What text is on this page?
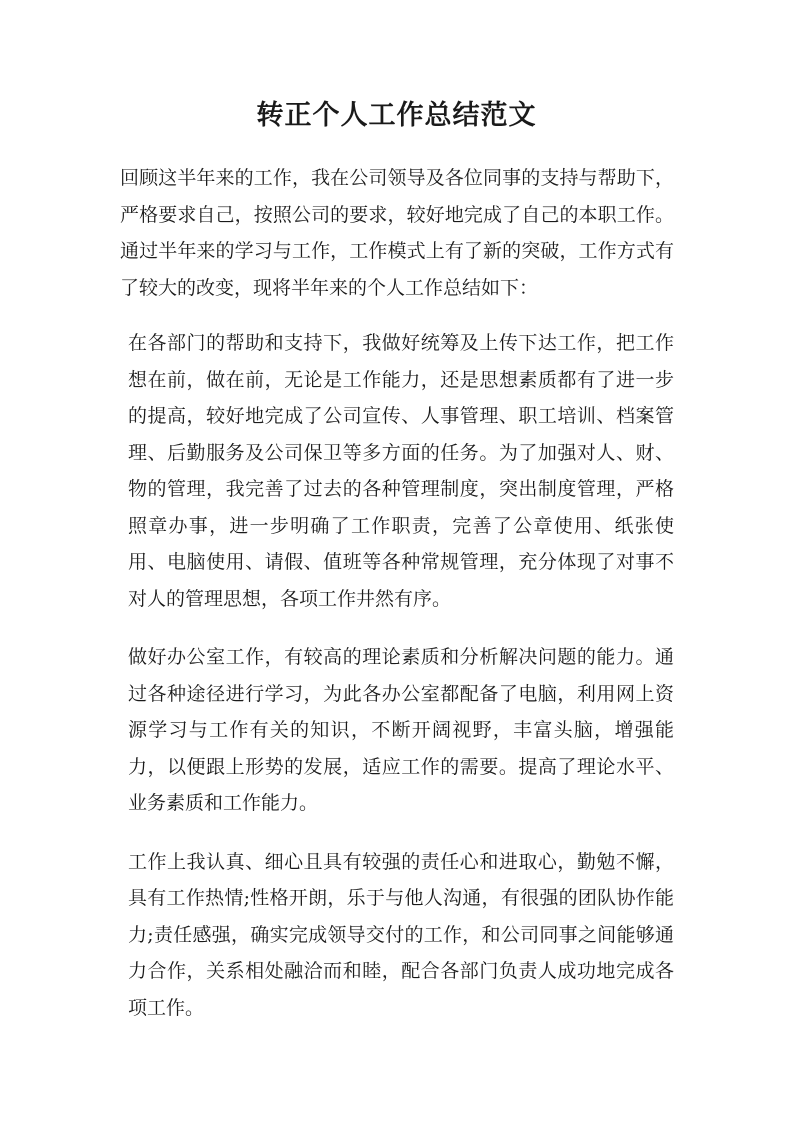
转正个人工作总结范文

回顾这半年来的工作，我在公司领导及各位同事的支持与帮助下，严格要求自己，按照公司的要求，较好地完成了自己的本职工作。通过半年来的学习与工作，工作模式上有了新的突破，工作方式有了较大的改变，现将半年来的个人工作总结如下：

在各部门的帮助和支持下，我做好统筹及上传下达工作，把工作想在前，做在前，无论是工作能力，还是思想素质都有了进一步的提高，较好地完成了公司宣传、人事管理、职工培训、档案管理、后勤服务及公司保卫等多方面的任务。为了加强对人、财、物的管理，我完善了过去的各种管理制度，突出制度管理，严格照章办事，进一步明确了工作职责，完善了公章使用、纸张使用、电脑使用、请假、值班等各种常规管理，充分体现了对事不对人的管理思想，各项工作井然有序。

做好办公室工作，有较高的理论素质和分析解决问题的能力。通过各种途径进行学习，为此各办公室都配备了电脑，利用网上资源学习与工作有关的知识，不断开阔视野，丰富头脑，增强能力，以便跟上形势的发展，适应工作的需要。提高了理论水平、业务素质和工作能力。

工作上我认真、细心且具有较强的责任心和进取心，勤勉不懈，具有工作热情;性格开朗，乐于与他人沟通，有很强的团队协作能力;责任感强，确实完成领导交付的工作，和公司同事之间能够通力合作，关系相处融洽而和睦，配合各部门负责人成功地完成各项工作。
